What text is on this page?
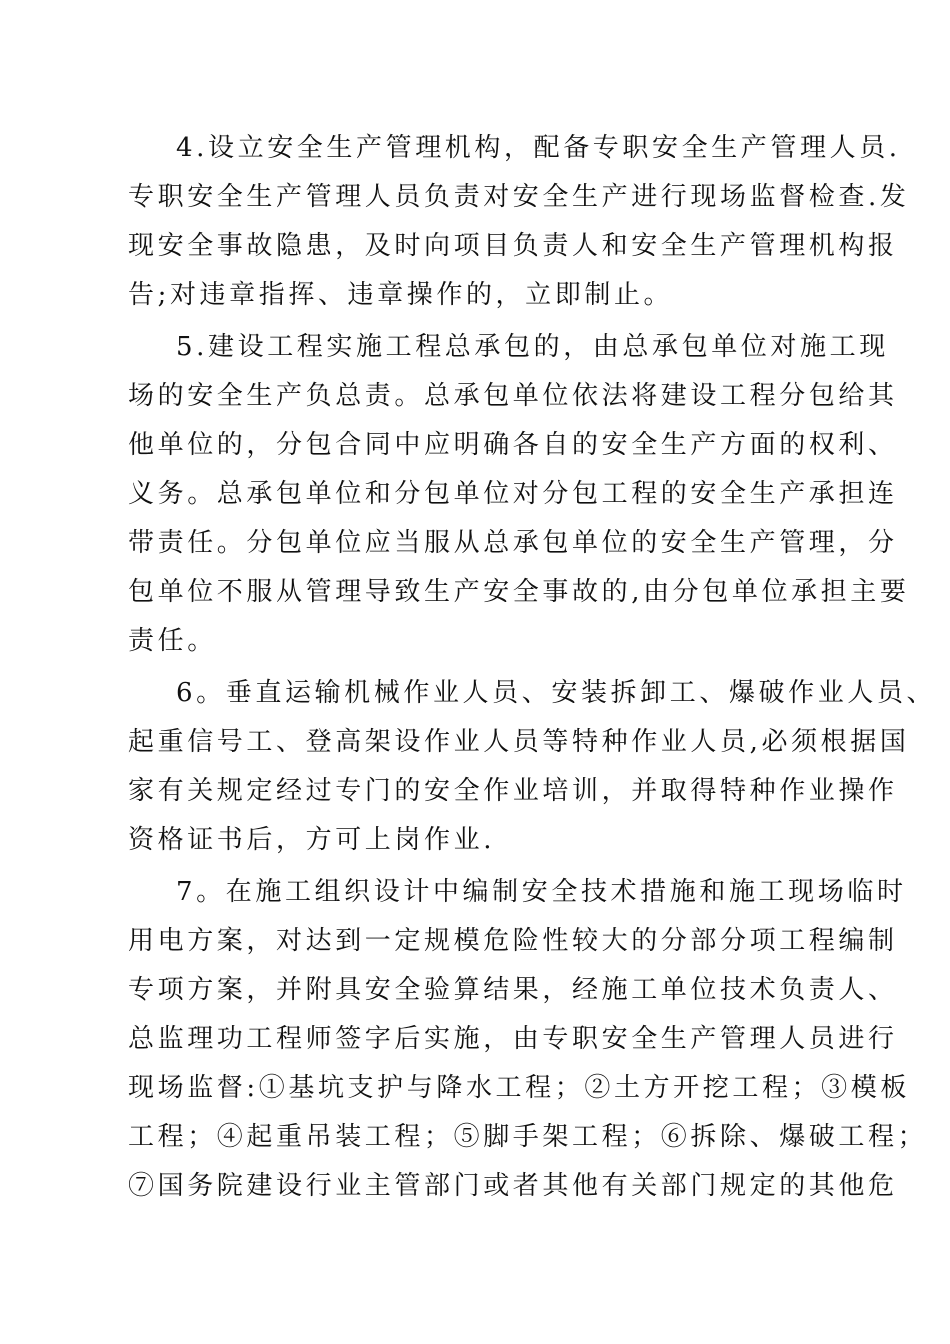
4.设立安全生产管理机构，配备专职安全生产管理人员.
专职安全生产管理人员负责对安全生产进行现场监督检查.发
现安全事故隐患，及时向项目负责人和安全生产管理机构报
告;对违章指挥、违章操作的，立即制止。
5.建设工程实施工程总承包的，由总承包单位对施工现
场的安全生产负总责。总承包单位依法将建设工程分包给其
他单位的，分包合同中应明确各自的安全生产方面的权利、
义务。总承包单位和分包单位对分包工程的安全生产承担连
带责任。分包单位应当服从总承包单位的安全生产管理，分
包单位不服从管理导致生产安全事故的,由分包单位承担主要
责任。
6。垂直运输机械作业人员、安装拆卸工、爆破作业人员、
起重信号工、登高架设作业人员等特种作业人员,必须根据国
家有关规定经过专门的安全作业培训，并取得特种作业操作
资格证书后，方可上岗作业.
7。在施工组织设计中编制安全技术措施和施工现场临时
用电方案，对达到一定规模危险性较大的分部分项工程编制
专项方案，并附具安全验算结果，经施工单位技术负责人、
总监理功工程师签字后实施，由专职安全生产管理人员进行
现场监督:①基坑支护与降水工程；②土方开挖工程；③模板
工程；④起重吊装工程；⑤脚手架工程；⑥拆除、爆破工程；
⑦国务院建设行业主管部门或者其他有关部门规定的其他危
